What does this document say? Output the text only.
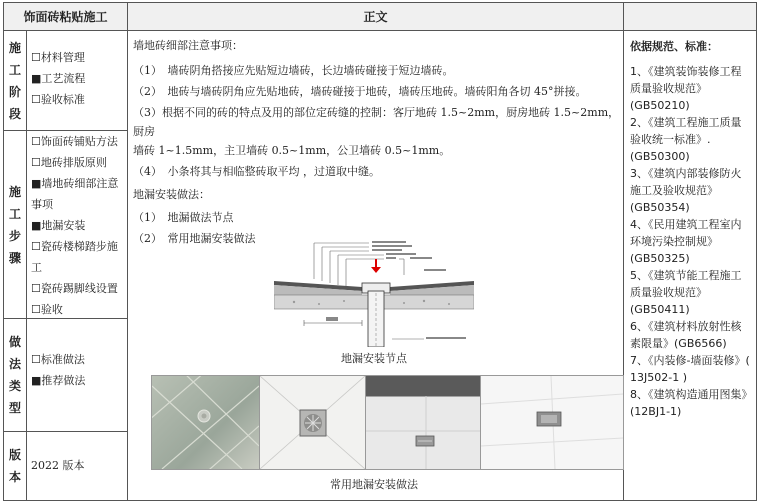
饰面砖粘贴施工	正文
施
工
阶
段
☐材料管理
■工艺流程
☐验收标准
施
工
步
骤
☐饰面砖铺贴方法
☐地砖排版原则
■墙地砖细部注意事项
■地漏安装
☐瓷砖楼梯踏步施工
☐瓷砖踢脚线设置
☐验收
做
法
类
型
☐标准做法
■推荐做法
版
本
2022 版本

墙地砖细部注意事项：

（1）　墙砖阴角搭接应先贴短边墙砖，长边墙砖碰接于短边墙砖。

（2）　地砖与墙砖阴角应先贴地砖，墙砖碰接于地砖，墙砖压地砖。墙砖阳角各切 45°拼接。

（3）根据不同的砖的特点及用的部位定砖缝的控制：客厅地砖 1.5~2mm，厨房地砖 1.5~2mm，厨房

墙砖 1~1.5mm，主卫墙砖 0.5~1mm，公卫墙砖 0.5~1mm。

（4）　小条将其与相临整砖取平均 ，过道取中缝。

地漏安装做法：

（1）　地漏做法节点

（2）　常用地漏安装做法

地漏安装节点
常用地漏安装做法
依据规范、标准：
1、《建筑装饰装修工程质量验收规范》(GB50210)
2、《建筑工程施工质量验收统一标准》.(GB50300)
3、《建筑内部装修防火施工及验收规范》(GB50354)
4、《民用建筑工程室内环境污染控制规》(GB50325)
5、《建筑节能工程施工质量验收规范》(GB50411)
6、《建筑材料放射性核素限量》(GB6566)
7、《内装修-墙面装修》( 13J502-1 )
8、《建筑构造通用图集》(12BJ1-1)
